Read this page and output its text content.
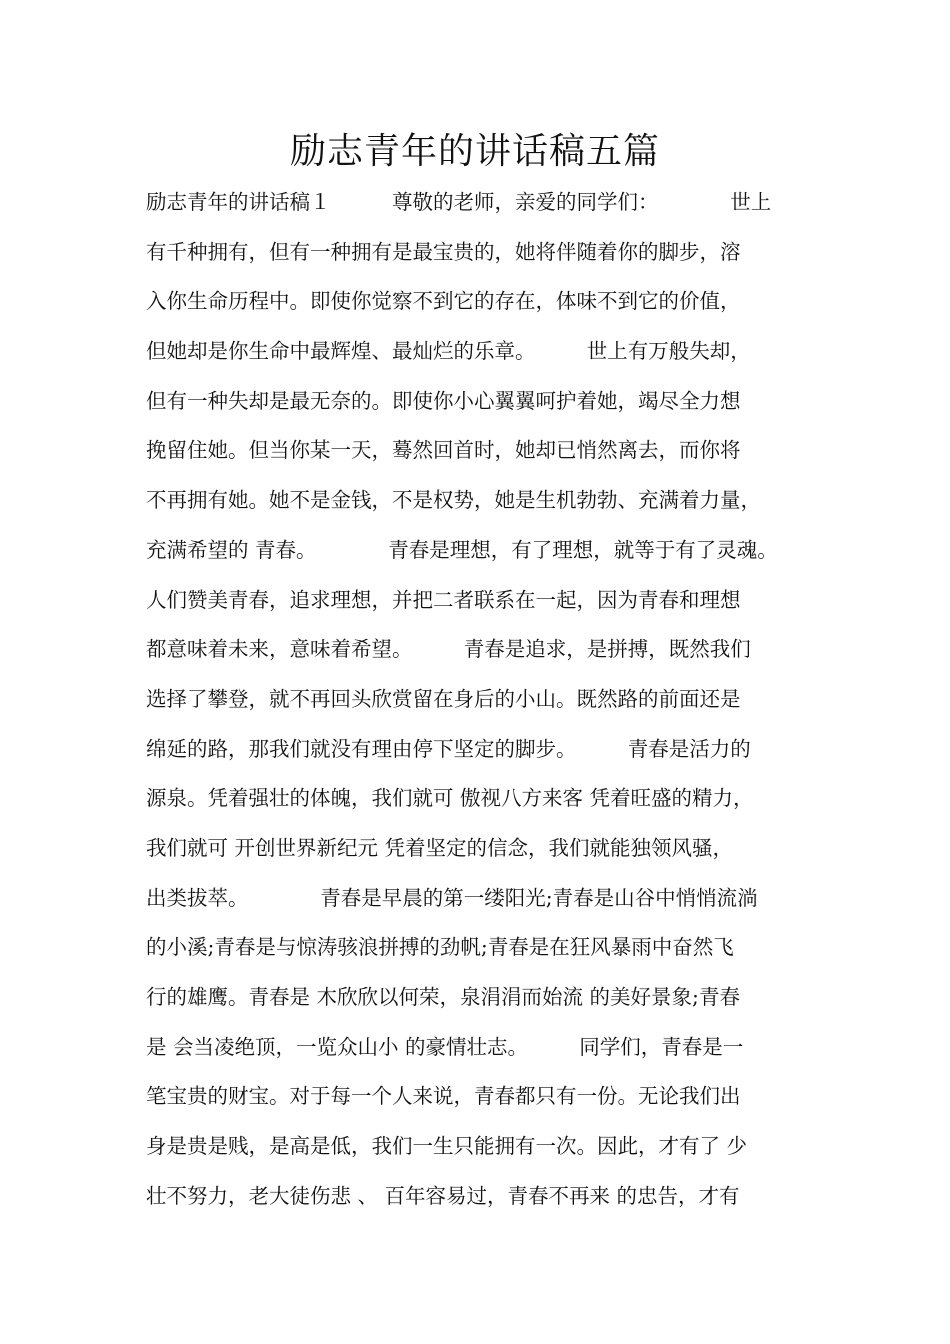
励志青年的讲话稿五篇
励志青年的讲话稿１　　　尊敬的老师，亲爱的同学们：　　　　世上
有千种拥有，但有一种拥有是最宝贵的，她将伴随着你的脚步，溶
入你生命历程中。即使你觉察不到它的存在，体味不到它的价值，
但她却是你生命中最辉煌、最灿烂的乐章。　　　世上有万般失却，
但有一种失却是最无奈的。即使你小心翼翼呵护着她，竭尽全力想
挽留住她。但当你某一天，蓦然回首时，她却已悄然离去，而你将
不再拥有她。她不是金钱，不是权势，她是生机勃勃、充满着力量，
充满希望的 青春。　　　　青春是理想，有了理想，就等于有了灵魂。
人们赞美青春，追求理想，并把二者联系在一起，因为青春和理想
都意味着未来，意味着希望。　　　青春是追求，是拼搏，既然我们
选择了攀登，就不再回头欣赏留在身后的小山。既然路的前面还是
绵延的路，那我们就没有理由停下坚定的脚步。　　　青春是活力的
源泉。凭着强壮的体魄，我们就可 傲视八方来客 凭着旺盛的精力，
我们就可 开创世界新纪元 凭着坚定的信念，我们就能独领风骚，
出类拔萃。　　　　青春是早晨的第一缕阳光;青春是山谷中悄悄流淌
的小溪;青春是与惊涛骇浪拼搏的劲帆;青春是在狂风暴雨中奋然飞
行的雄鹰。青春是 木欣欣以何荣，泉涓涓而始流 的美好景象;青春
是 会当凌绝顶，一览众山小 的豪情壮志。　　　同学们，青春是一
笔宝贵的财宝。对于每一个人来说，青春都只有一份。无论我们出
身是贵是贱，是高是低，我们一生只能拥有一次。因此，才有了 少
壮不努力，老大徒伤悲 、 百年容易过，青春不再来 的忠告，才有
